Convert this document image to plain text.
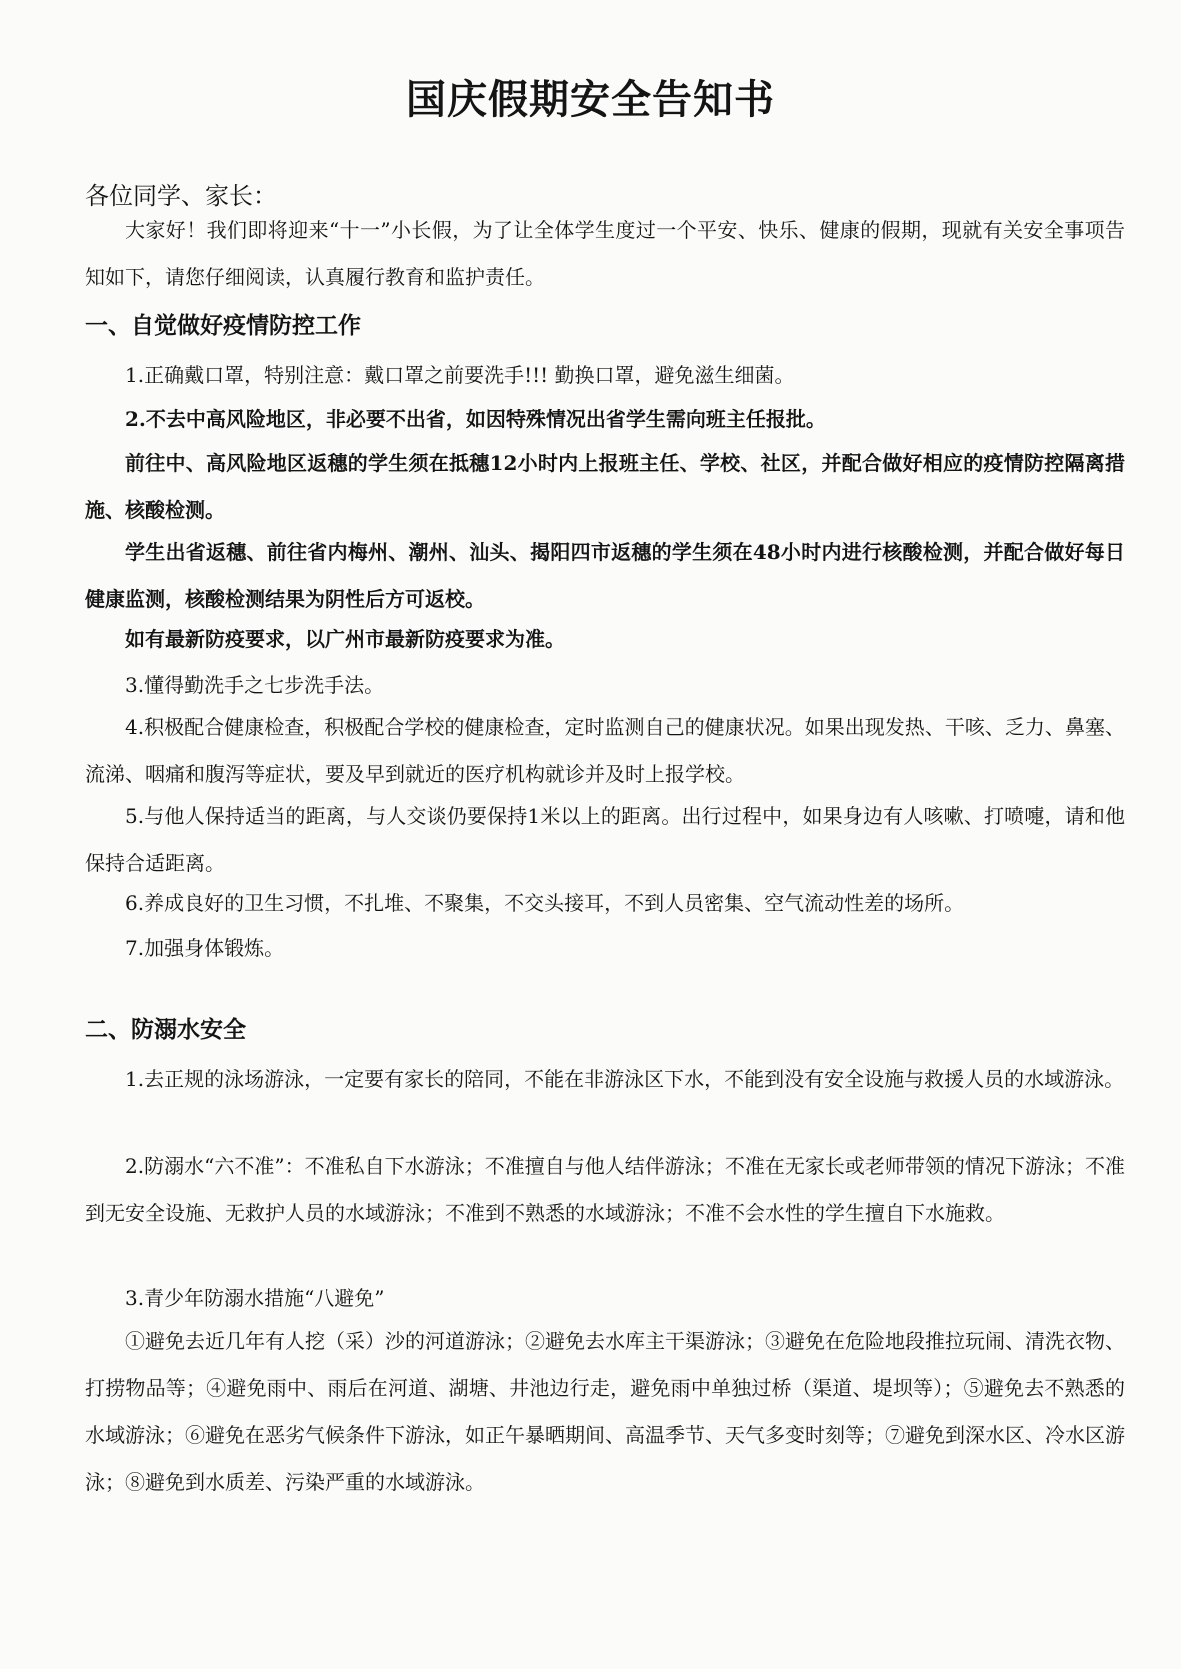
国庆假期安全告知书
各位同学、家长：
大家好！我们即将迎来“十一”小长假，为了让全体学生度过一个平安、快乐、健康的假期，现就有关安全事项告知如下，请您仔细阅读，认真履行教育和监护责任。
一、自觉做好疫情防控工作
1.正确戴口罩，特别注意：戴口罩之前要洗手!!! 勤换口罩，避免滋生细菌。
2.不去中高风险地区，非必要不出省，如因特殊情况出省学生需向班主任报批。
前往中、高风险地区返穗的学生须在抵穗12小时内上报班主任、学校、社区，并配合做好相应的疫情防控隔离措施、核酸检测。
学生出省返穗、前往省内梅州、潮州、汕头、揭阳四市返穗的学生须在48小时内进行核酸检测，并配合做好每日健康监测，核酸检测结果为阴性后方可返校。
如有最新防疫要求，以广州市最新防疫要求为准。
3.懂得勤洗手之七步洗手法。
4.积极配合健康检查，积极配合学校的健康检查，定时监测自己的健康状况。如果出现发热、干咳、乏力、鼻塞、流涕、咽痛和腹泻等症状，要及早到就近的医疗机构就诊并及时上报学校。
5.与他人保持适当的距离，与人交谈仍要保持1米以上的距离。出行过程中，如果身边有人咳嗽、打喷嚏，请和他保持合适距离。
6.养成良好的卫生习惯，不扎堆、不聚集，不交头接耳，不到人员密集、空气流动性差的场所。
7.加强身体锻炼。
二、防溺水安全
1.去正规的泳场游泳，一定要有家长的陪同，不能在非游泳区下水，不能到没有安全设施与救援人员的水域游泳。
2.防溺水“六不准”：不准私自下水游泳；不准擅自与他人结伴游泳；不准在无家长或老师带领的情况下游泳；不准到无安全设施、无救护人员的水域游泳；不准到不熟悉的水域游泳；不准不会水性的学生擅自下水施救。
3.青少年防溺水措施“八避免”
①避免去近几年有人挖（采）沙的河道游泳；②避免去水库主干渠游泳；③避免在危险地段推拉玩闹、清洗衣物、打捞物品等；④避免雨中、雨后在河道、湖塘、井池边行走，避免雨中单独过桥（渠道、堤坝等）；⑤避免去不熟悉的水域游泳；⑥避免在恶劣气候条件下游泳，如正午暴晒期间、高温季节、天气多变时刻等；⑦避免到深水区、冷水区游泳；⑧避免到水质差、污染严重的水域游泳。
